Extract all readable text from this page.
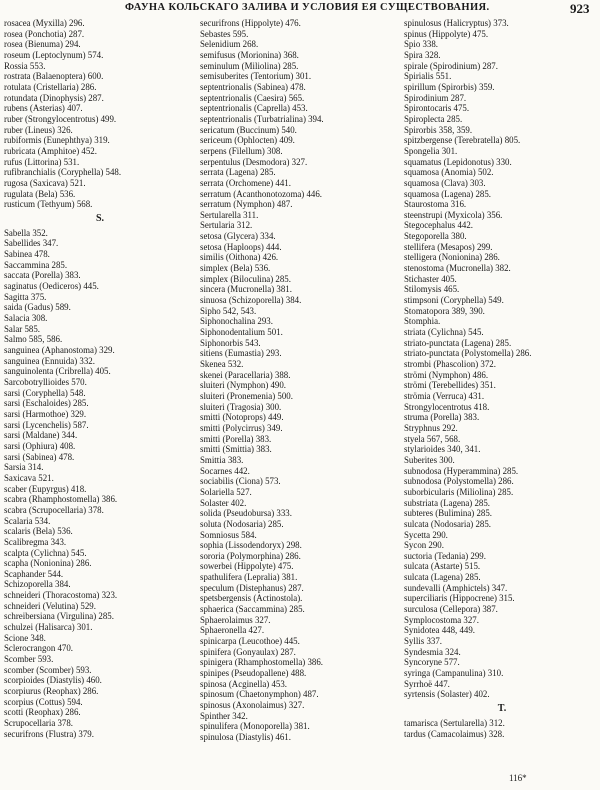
ФАУНА КОЛЬСКАГО ЗАЛИВА И УСЛОВИЯ ЕЯ СУЩЕСТВОВАНИЯ.	923
rosacea (Myxilla) 296.
rosea (Ponchotia) 287.
rosea (Bienuma) 294.
roseum (Leptoclynum) 574.
Rossia 553.
rostrata (Balaenoptera) 600.
rotulata (Cristellaria) 286.
rotundata (Dinophysis) 287.
rubens (Asterias) 407.
ruber (Strongylocentrotus) 499.
ruber (Lineus) 326.
rubiformis (Eunephthya) 319.
rubricata (Amphitoe) 452.
rufus (Littorina) 531.
rufibranchialis (Coryphella) 548.
rugosa (Saxicava) 521.
rugulata (Bela) 536.
rusticum (Tethyum) 568.
S.
Sabella 352.
Sabellides 347.
Sabinea 478.
Saccammina 285.
saccata (Porella) 383.
saginatus (Oediceros) 445.
Sagitta 375.
saida (Gadus) 589.
Salacia 308.
Salar 585.
Salmo 585, 586.
sanguinea (Aphanostoma) 329.
sanguinea (Ennuida) 332.
sanguinolenta (Cribrella) 405.
Sarcobotryllioides 570.
sarsi (Coryphella) 548.
sarsi (Eschaloides) 285.
sarsi (Harmothoe) 329.
sarsi (Lycenchelis) 587.
sarsi (Maldane) 344.
sarsi (Ophiura) 408.
sarsi (Sabinea) 478.
Sarsia 314.
Saxicava 521.
scaber (Eupyrgus) 418.
scabra (Rhamphostomella) 386.
scabra (Scrupocellaria) 378.
Scalaria 534.
scalaris (Bela) 536.
Scalibregma 343.
scalpta (Cylichna) 545.
scapha (Nonionina) 286.
Scaphander 544.
Schizoporella 384.
schneideri (Thoracostoma) 323.
schneideri (Velutina) 529.
schreibersiana (Virgulina) 285.
schulzei (Halisarca) 301.
Scione 348.
Sclerocrangon 470.
Scomber 593.
scomber (Scomber) 593.
scorpioides (Diastylis) 460.
scorpiurus (Reophax) 286.
scorpius (Cottus) 594.
scotti (Reophax) 286.
Scrupocellaria 378.
securifrons (Flustra) 379.
securifrons (Hippolyte) 476.
Sebastes 595.
Selenidium 268.
semifusus (Morionina) 368.
seminulum (Miliolina) 285.
semisuberites (Tentorium) 301.
septentrionalis (Sabinea) 478.
septentrionalis (Caesira) 565.
septentrionalis (Caprella) 453.
septentrionalis (Turbatrialina) 394.
sericatum (Buccinum) 540.
sericeum (Ophlocten) 409.
serpens (Filellum) 308.
serpentulus (Desmodora) 327.
serrata (Lagena) 285.
serrata (Orchomene) 441.
serratum (Acanthonotozoma) 446.
serratum (Nymphon) 487.
Sertularella 311.
Sertularia 312.
setosa (Glycera) 334.
setosa (Haploops) 444.
similis (Oithona) 426.
simplex (Bela) 536.
simplex (Biloculina) 285.
sincera (Mucronella) 381.
sinuosa (Schizoporella) 384.
Sipho 542, 543.
Siphonochalina 293.
Siphonodentalium 501.
Siphonorbis 543.
sitiens (Eumastia) 293.
Skenea 532.
skenei (Paracellaria) 388.
sluiteri (Nymphon) 490.
sluiteri (Pronemenia) 500.
sluiteri (Tragosia) 300.
smitti (Notoprops) 449.
smitti (Polycirrus) 349.
smitti (Porella) 383.
smitti (Smittia) 383.
Smittia 383.
Socarnes 442.
sociabilis (Ciona) 573.
Solariella 527.
Solaster 402.
solida (Pseudobursa) 333.
soluta (Nodosaria) 285.
Somniosus 584.
sophia (Lissodendoryx) 298.
sororia (Polymorphina) 286.
sowerbei (Hippolyte) 475.
spathulifera (Lepralia) 381.
speculum (Distephanus) 287.
spetsbergensis (Actinostola).
sphaerica (Saccammina) 285.
Sphaerolaimus 327.
Sphaeronella 427.
spinicarpa (Leucothoe) 445.
spinifera (Gonyaulax) 287.
spinigera (Rhamphostomella) 386.
spinipes (Pseudopallene) 488.
spinosa (Acginella) 453.
spinosum (Chaetonymphon) 487.
spinosus (Axonolaimus) 327.
Spinther 342.
spinulifera (Monoporella) 381.
spinulosa (Diastylis) 461.
spinulosus (Halicryptus) 373.
spinus (Hippolyte) 475.
Spio 338.
Spira 328.
spirale (Spirodinium) 287.
Spirialis 551.
spirillum (Spirorbis) 359.
Spirodinium 287.
Spirontocaris 475.
Spiroplecta 285.
Spirorbis 358, 359.
spitzbergense (Terebratella) 805.
Spongelia 301.
squamatus (Lepidonotus) 330.
squamosa (Anomia) 502.
squamosa (Clava) 303.
squamosa (Lagena) 285.
Staurostoma 316.
steenstrupi (Myxicola) 356.
Stegocephalus 442.
Stegoporella 380.
stellifera (Mesapos) 299.
stelligera (Nonionina) 286.
stenostoma (Mucronella) 382.
Stichaster 405.
Stilomysis 465.
stimpsoni (Coryphella) 549.
Stomatopora 389, 390.
Stomphia.
striata (Cylichna) 545.
striato-punctata (Lagena) 285.
striato-punctata (Polystomella) 286.
strombi (Phascolion) 372.
strömi (Nymphon) 486.
strömi (Terebellides) 351.
strömia (Verruca) 431.
Strongylocentrotus 418.
struma (Porella) 383.
Stryphnus 292.
styela 567, 568.
stylarioides 340, 341.
Suberites 300.
subnodosa (Hyperammina) 285.
subnodosa (Polystomella) 286.
suborbicularis (Miliolina) 285.
substriata (Lagena) 285.
subteres (Bulimina) 285.
sulcata (Nodosaria) 285.
Sycetta 290.
Sycon 290.
suctoria (Tedania) 299.
sulcata (Astarte) 515.
sulcata (Lagena) 285.
sundevalli (Amphictels) 347.
superciliaris (Hippocrene) 315.
surculosa (Cellepora) 387.
Symplocostoma 327.
Synidotea 448, 449.
Syllis 337.
Syndesmia 324.
Syncoryne 577.
syringa (Campanulina) 310.
Syrrhoë 447.
syrtensis (Solaster) 402.
T.
tamarisca (Sertularella) 312.
tardus (Camacolaimus) 328.
116*
